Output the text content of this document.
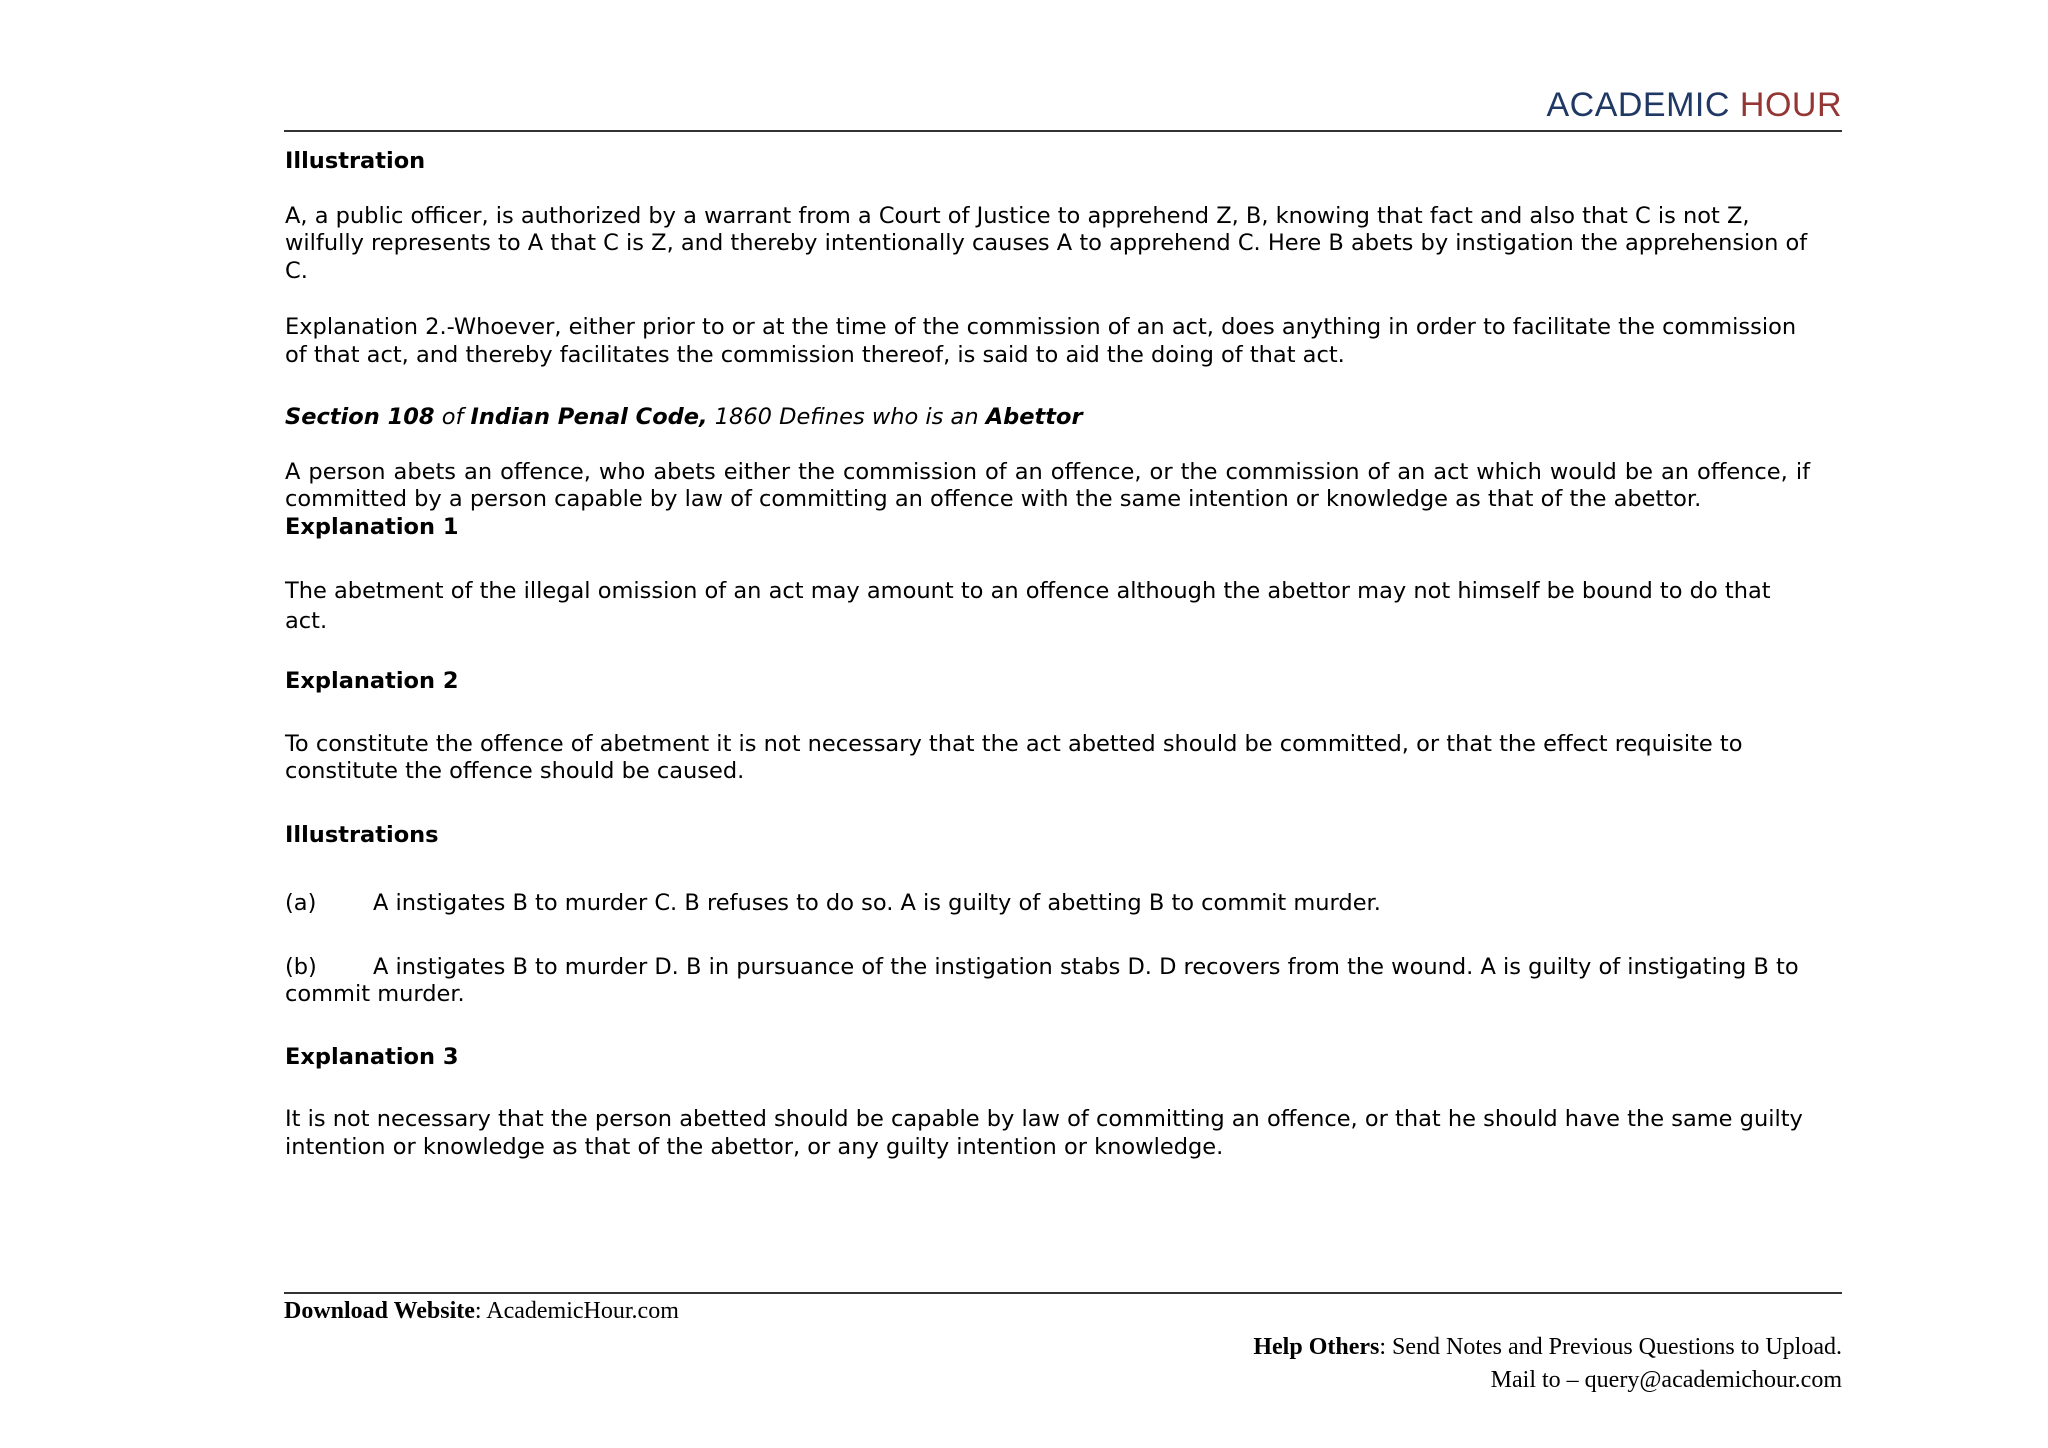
ACADEMIC HOUR

Illustration

A, a public officer, is authorized by a warrant from a Court of Justice to apprehend Z, B, knowing that fact and also that C is not Z, wilfully represents to A that C is Z, and thereby intentionally causes A to apprehend C. Here B abets by instigation the apprehension of C.

Explanation 2.-Whoever, either prior to or at the time of the commission of an act, does anything in order to facilitate the commission of that act, and thereby facilitates the commission thereof, is said to aid the doing of that act.

Section 108 of Indian Penal Code, 1860 Defines who is an Abettor

A person abets an offence, who abets either the commission of an offence, or the commission of an act which would be an offence, if committed by a person capable by law of committing an offence with the same intention or knowledge as that of the abettor.

Explanation 1

The abetment of the illegal omission of an act may amount to an offence although the abettor may not himself be bound to do that act.

Explanation 2

To constitute the offence of abetment it is not necessary that the act abetted should be committed, or that the effect requisite to constitute the offence should be caused.

Illustrations

(a)	A instigates B to murder C. B refuses to do so. A is guilty of abetting B to commit murder.

(b) A instigates B to murder D. B in pursuance of the instigation stabs D. D recovers from the wound. A is guilty of instigating B to commit murder.

Explanation 3

It is not necessary that the person abetted should be capable by law of committing an offence, or that he should have the same guilty intention or knowledge as that of the abettor, or any guilty intention or knowledge.

Download Website: AcademicHour.com
Help Others: Send Notes and Previous Questions to Upload.
Mail to – query@academichour.com
